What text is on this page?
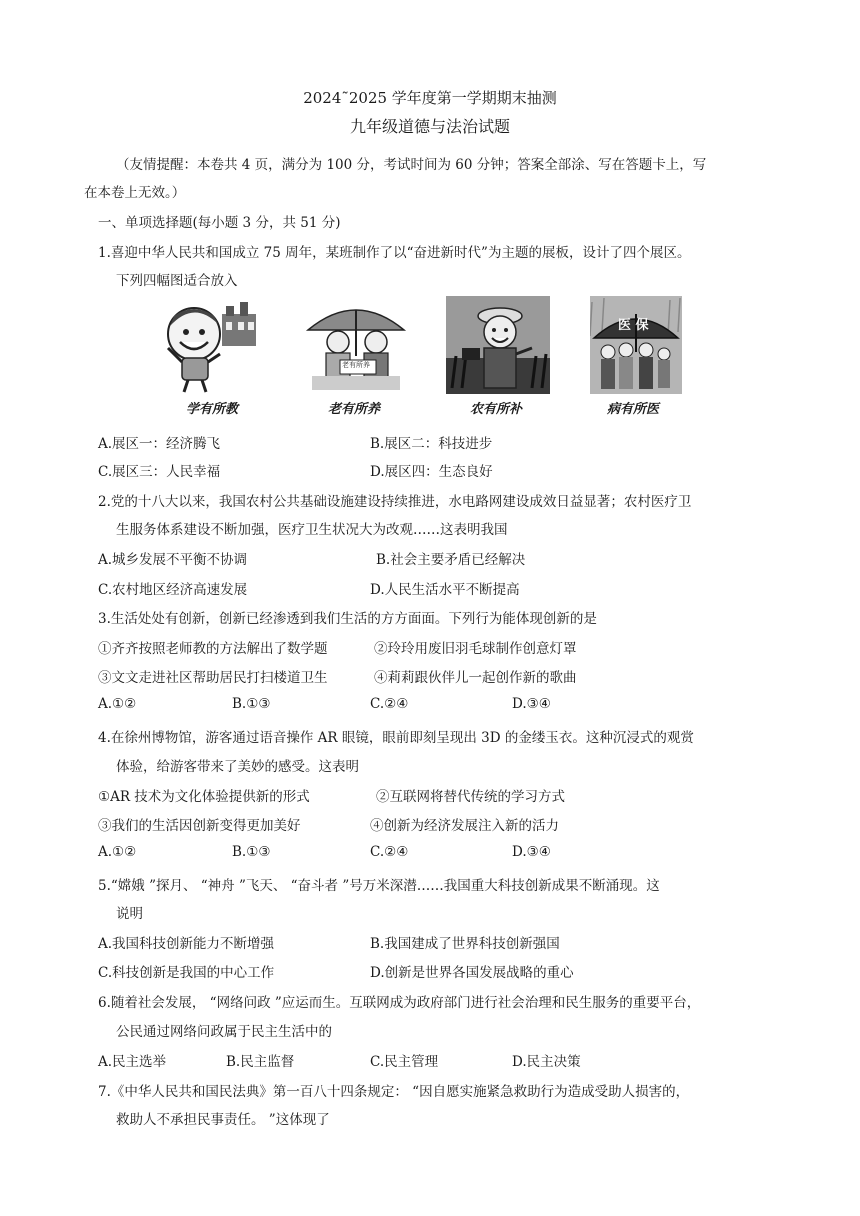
2024˜2025 学年度第一学期期末抽测
九年级道德与法治试题
（友情提醒：本卷共 4 页，满分为 100 分，考试时间为 60 分钟；答案全部涂、写在答题卡上，写
在本卷上无效。）
一、单项选择题(每小题 3 分，共 51 分)
1.喜迎中华人民共和国成立 75 周年，某班制作了以“奋进新时代”为主题的展板，设计了四个展区。
下列四幅图适合放入
学有所教
老有所养
老有所养	农有所补
医 保
病有所医
A.展区一：经济腾飞	B.展区二：科技进步
C.展区三：人民幸福	D.展区四：生态良好
2.党的十八大以来，我国农村公共基础设施建设持续推进，水电路网建设成效日益显著；农村医疗卫
生服务体系建设不断加强，医疗卫生状况大为改观……这表明我国
A.城乡发展不平衡不协调	B.社会主要矛盾已经解决
C.农村地区经济高速发展	D.人民生活水平不断提高
3.生活处处有创新，创新已经渗透到我们生活的方方面面。下列行为能体现创新的是
①齐齐按照老师教的方法解出了数学题	②玲玲用废旧羽毛球制作创意灯罩
③文文走进社区帮助居民打扫楼道卫生	④莉莉跟伙伴儿一起创作新的歌曲
A.①②	B.①③	C.②④	D.③④
4.在徐州博物馆，游客通过语音操作 AR 眼镜，眼前即刻呈现出 3D 的金缕玉衣。这种沉浸式的观赏
体验，给游客带来了美妙的感受。这表明
①AR 技术为文化体验提供新的形式	②互联网将替代传统的学习方式
③我们的生活因创新变得更加美好	④创新为经济发展注入新的活力
A.①②	B.①③	C.②④	D.③④
5.“嫦娥 ”探月、 “神舟 ”飞天、 “奋斗者 ”号万米深潜……我国重大科技创新成果不断涌现。这
说明
A.我国科技创新能力不断增强	B.我国建成了世界科技创新强国
C.科技创新是我国的中心工作	D.创新是世界各国发展战略的重心
6.随着社会发展， “网络问政 ”应运而生。互联网成为政府部门进行社会治理和民生服务的重要平台，
公民通过网络问政属于民主生活中的
A.民主选举	B.民主监督	C.民主管理	D.民主决策
7.《中华人民共和国民法典》第一百八十四条规定： “因自愿实施紧急救助行为造成受助人损害的，
救助人不承担民事责任。 ”这体现了
